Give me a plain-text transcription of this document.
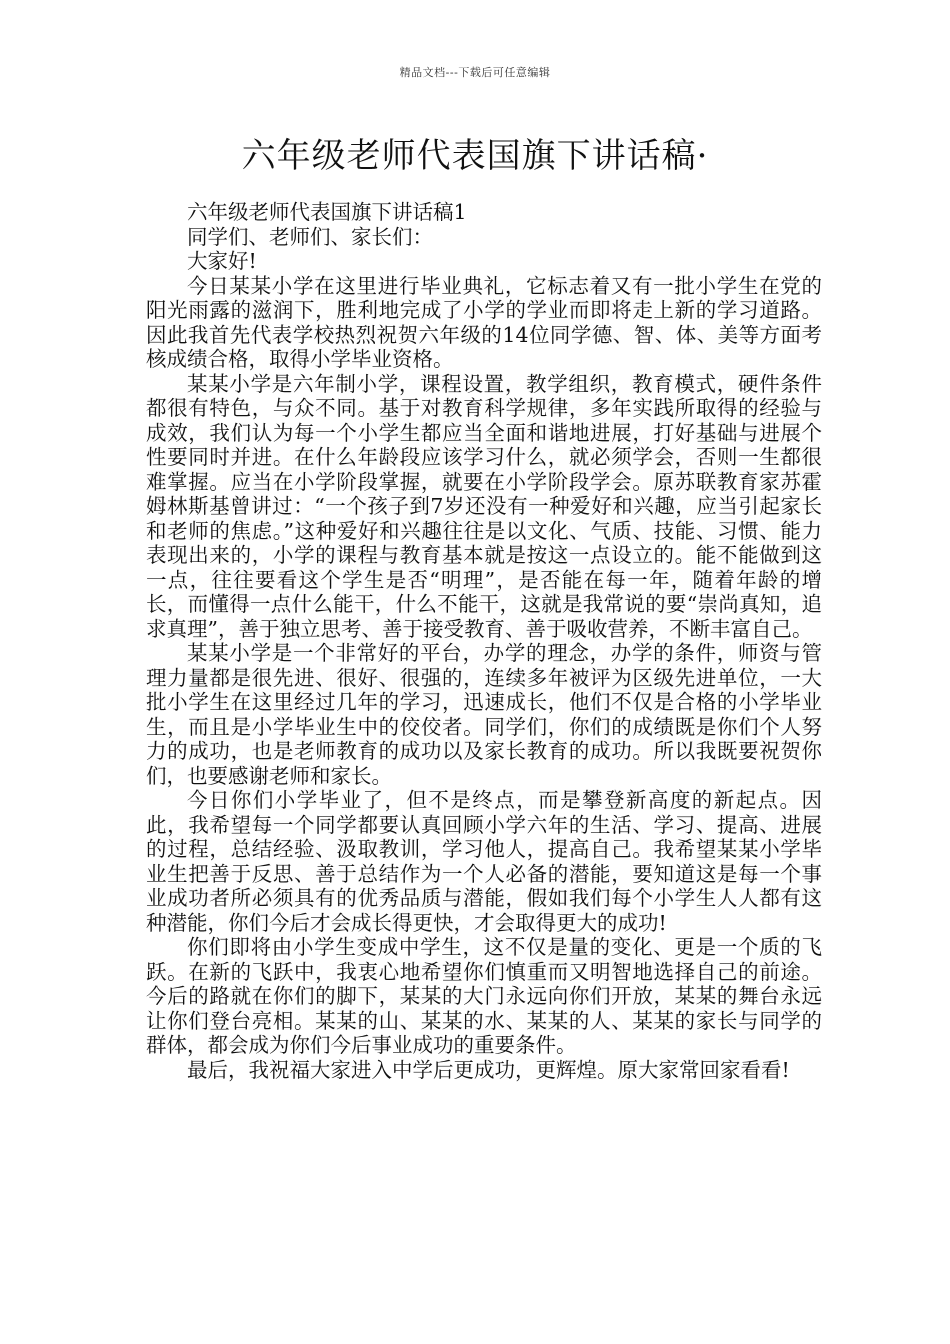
精品文档---下载后可任意编辑
六年级老师代表国旗下讲话稿·

六年级老师代表国旗下讲话稿1

同学们、老师们、家长们：

大家好!

今日某某小学在这里进行毕业典礼，它标志着又有一批小学生在党的阳光雨露的滋润下，胜利地完成了小学的学业而即将走上新的学习道路。因此我首先代表学校热烈祝贺六年级的14位同学德、智、体、美等方面考核成绩合格，取得小学毕业资格。

某某小学是六年制小学，课程设置，教学组织，教育模式，硬件条件都很有特色，与众不同。基于对教育科学规律，多年实践所取得的经验与成效，我们认为每一个小学生都应当全面和谐地进展，打好基础与进展个性要同时并进。在什么年龄段应该学习什么，就必须学会，否则一生都很难掌握。应当在小学阶段掌握，就要在小学阶段学会。原苏联教育家苏霍姆林斯基曾讲过：“一个孩子到7岁还没有一种爱好和兴趣，应当引起家长和老师的焦虑。”这种爱好和兴趣往往是以文化、气质、技能、习惯、能力表现出来的，小学的课程与教育基本就是按这一点设立的。能不能做到这一点，往往要看这个学生是否“明理”，是否能在每一年，随着年龄的增长，而懂得一点什么能干，什么不能干，这就是我常说的要“崇尚真知，追求真理”，善于独立思考、善于接受教育、善于吸收营养，不断丰富自己。

某某小学是一个非常好的平台，办学的理念，办学的条件，师资与管理力量都是很先进、很好、很强的，连续多年被评为区级先进单位，一大批小学生在这里经过几年的学习，迅速成长，他们不仅是合格的小学毕业生，而且是小学毕业生中的佼佼者。同学们，你们的成绩既是你们个人努力的成功，也是老师教育的成功以及家长教育的成功。所以我既要祝贺你们，也要感谢老师和家长。

今日你们小学毕业了，但不是终点，而是攀登新高度的新起点。因此，我希望每一个同学都要认真回顾小学六年的生活、学习、提高、进展的过程，总结经验、汲取教训，学习他人，提高自己。我希望某某小学毕业生把善于反思、善于总结作为一个人必备的潜能，要知道这是每一个事业成功者所必须具有的优秀品质与潜能，假如我们每个小学生人人都有这种潜能，你们今后才会成长得更快，才会取得更大的成功!

你们即将由小学生变成中学生，这不仅是量的变化、更是一个质的飞跃。在新的飞跃中，我衷心地希望你们慎重而又明智地选择自己的前途。今后的路就在你们的脚下，某某的大门永远向你们开放，某某的舞台永远让你们登台亮相。某某的山、某某的水、某某的人、某某的家长与同学的群体，都会成为你们今后事业成功的重要条件。

最后，我祝福大家进入中学后更成功，更辉煌。原大家常回家看看!
